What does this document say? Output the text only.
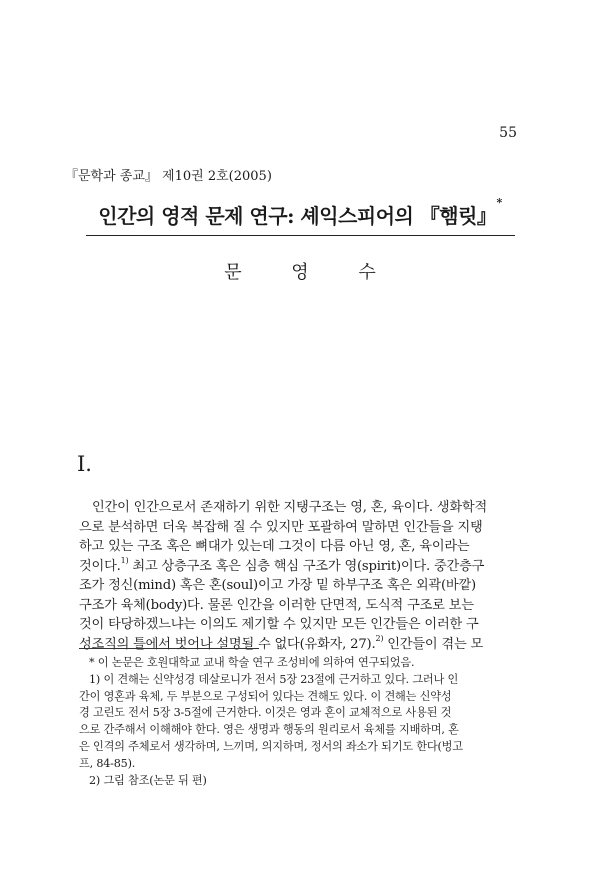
55
『문학과 종교』 제10권 2호(2005)
인간의 영적 문제 연구: 셰익스피어의 『햄릿』*
문 영 수
I.
인간이 인간으로서 존재하기 위한 지탱구조는 영, 혼, 육이다. 생화학적
으로 분석하면 더욱 복잡해 질 수 있지만 포괄하여 말하면 인간들을 지탱
하고 있는 구조 혹은 뼈대가 있는데 그것이 다름 아닌 영, 혼, 육이라는
것이다.$^{1)}$ 최고 상층구조 혹은 심층 핵심 구조가 영(spirit)이다. 중간층구
조가 정신(mind) 혹은 혼(soul)이고 가장 밑 하부구조 혹은 외곽(바깥)
구조가 육체(body)다. 물론 인간을 이러한 단면적, 도식적 구조로 보는
것이 타당하겠느냐는 이의도 제기할 수 있지만 모든 인간들은 이러한 구
성조직의 틀에서 벗어나 설명될 수 없다(유화자, 27).$^{2)}$ 인간들이 겪는 모
* 이 논문은 호원대학교 교내 학술 연구 조성비에 의하여 연구되었음.
1) 이 견해는 신약성경 데살로니가 전서 5장 23절에 근거하고 있다. 그러나 인
간이 영혼과 육체, 두 부분으로 구성되어 있다는 견해도 있다. 이 견해는 신약성
경 고린도 전서 5장 3-5절에 근거한다. 이것은 영과 혼이 교체적으로 사용된 것
으로 간주해서 이해해야 한다. 영은 생명과 행동의 원리로서 육체를 지배하며, 혼
은 인격의 주체로서 생각하며, 느끼며, 의지하며, 정서의 좌소가 되기도 한다(벙고
프, 84-85).
2) 그림 참조(논문 뒤 편)
